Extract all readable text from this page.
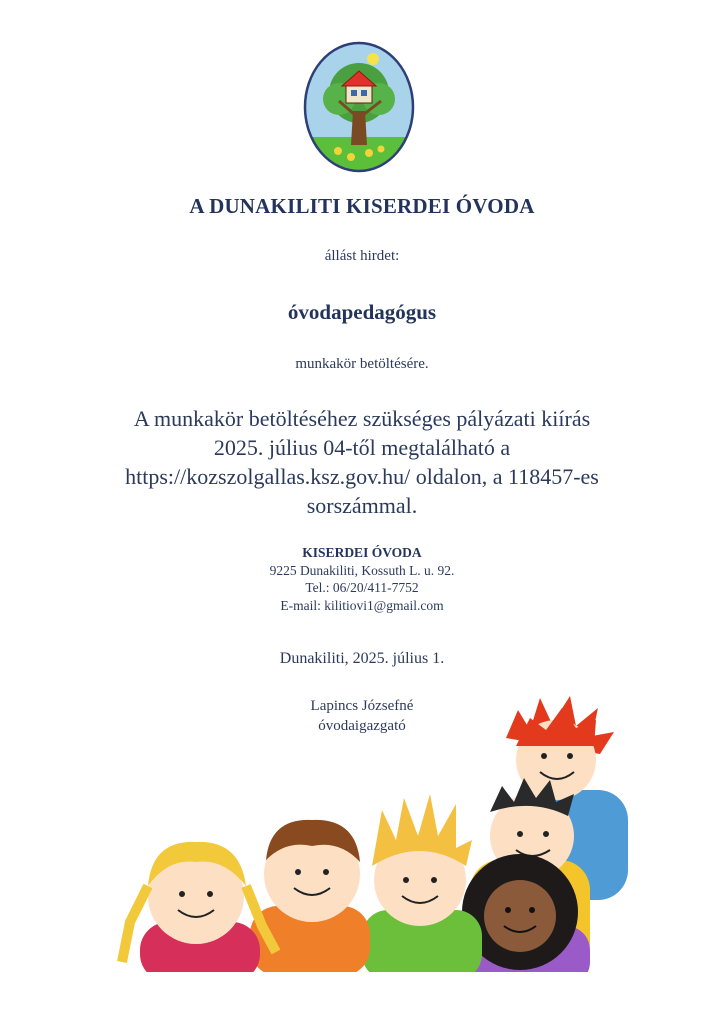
A DUNAKILITI KISERDEI ÓVODA
állást hirdet:
óvodapedagógus
munkakör betöltésére.
A munkakör betöltéséhez szükséges pályázati kiírás
2025. július 04-től megtalálható a
https://kozszolgallas.ksz.gov.hu/ oldalon, a 118457-es
sorszámmal.
KISERDEI ÓVODA
9225 Dunakiliti, Kossuth L. u. 92.
Tel.: 06/20/411-7752
E-mail: kilitiovi1@gmail.com
Dunakiliti, 2025. július 1.
Lapincs Józsefné
óvodaigazgató
